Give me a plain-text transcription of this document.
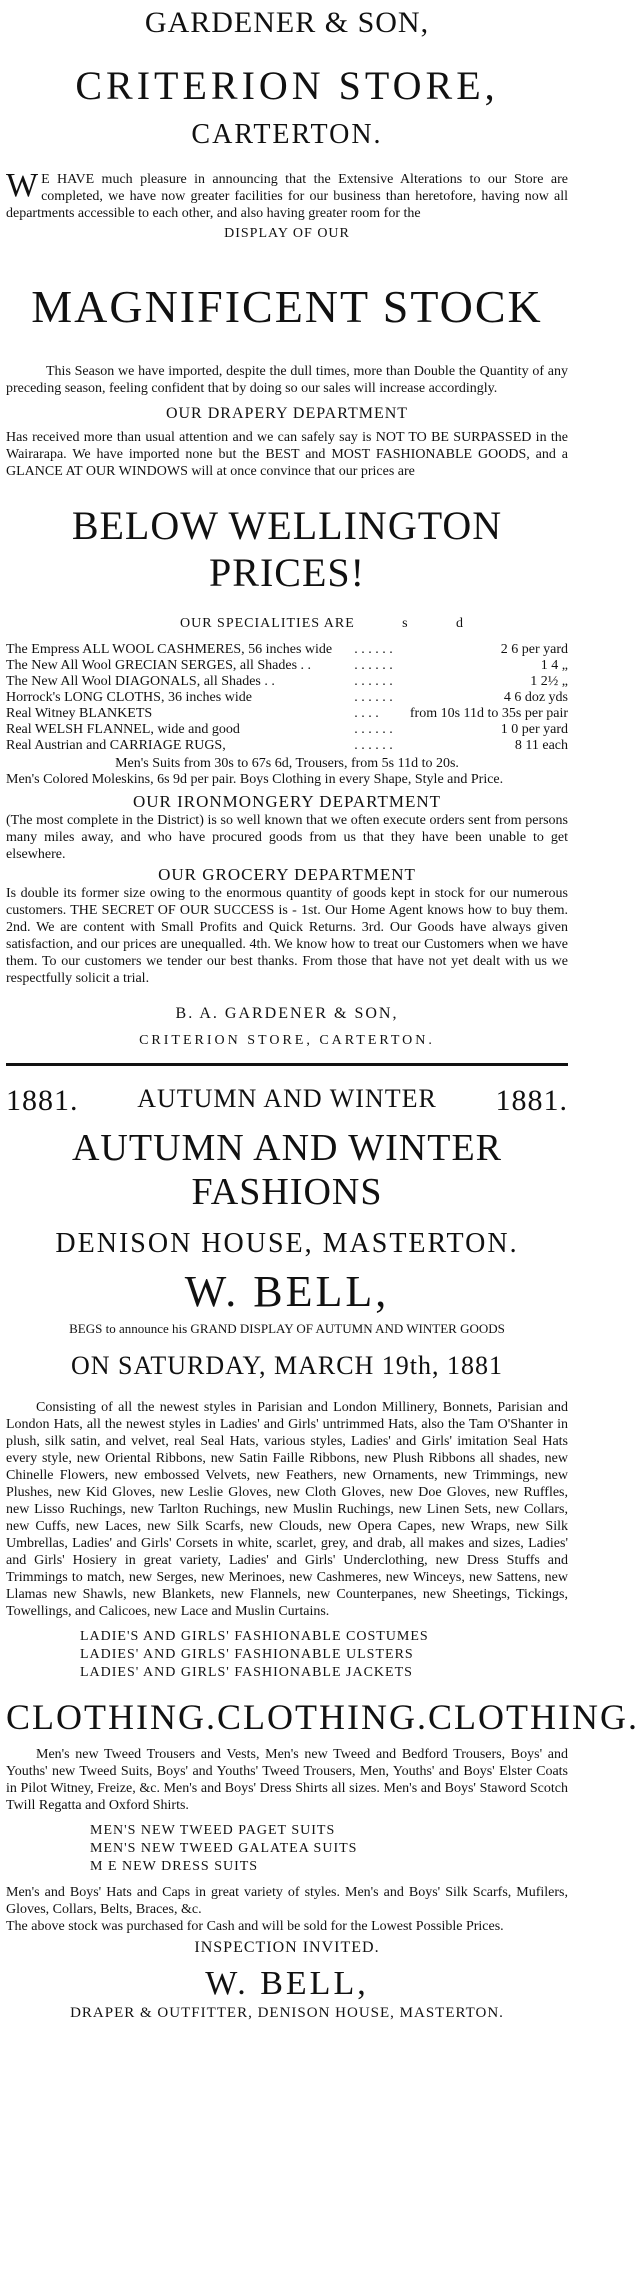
GARDENER & SON,
CRITERION STORE,
CARTERTON.
W E HAVE much pleasure in announcing that the Extensive Alterations to our Store are completed, we have now greater facilities for our business than heretofore, having now all departments accessible to each other, and also having greater room for the
DISPLAY OF OUR
MAGNIFICENT STOCK
This Season we have imported, despite the dull times, more than Double the Quantity of any preceding season, feeling confident that by doing so our sales will increase accordingly.
OUR DRAPERY DEPARTMENT
Has received more than usual attention and we can safely say is NOT TO BE SURPASSED in the Wairarapa. We have imported none but the BEST and MOST FASHIONABLE GOODS, and a GLANCE AT OUR WINDOWS will at once convince that our prices are
BELOW WELLINGTON PRICES!
OUR SPECIALITIES ARE	s	d
The Empress ALL WOOL CASHMERES, 56 inches wide	. . . . . .	2 6 per yard
The New All Wool GRECIAN SERGES, all Shades . .	. . . . . .	1 4 „
The New All Wool DIAGONALS, all Shades . .	. . . . . .	1 2½ „
Horrock's LONG CLOTHS, 36 inches wide	. . . . . .	4 6 doz yds
Real Witney BLANKETS	. . . .	from 10s 11d to 35s per pair
Real WELSH FLANNEL, wide and good	. . . . . .	1 0 per yard
Real Austrian and CARRIAGE RUGS,	. . . . . .	8 11 each
Men's Suits from 30s to 67s 6d, Trousers, from 5s 11d to 20s.
Men's Colored Moleskins, 6s 9d per pair. Boys Clothing in every Shape, Style and Price.
OUR IRONMONGERY DEPARTMENT
(The most complete in the District) is so well known that we often execute orders sent from persons many miles away, and who have procured goods from us that they have been unable to get elsewhere.
OUR GROCERY DEPARTMENT
Is double its former size owing to the enormous quantity of goods kept in stock for our numerous customers. THE SECRET OF OUR SUCCESS is - 1st. Our Home Agent knows how to buy them. 2nd. We are content with Small Profits and Quick Returns. 3rd. Our Goods have always given satisfaction, and our prices are unequalled. 4th. We know how to treat our Customers when we have them. To our customers we tender our best thanks. From those that have not yet dealt with us we respectfully solicit a trial.
B. A. GARDENER & SON,
CRITERION STORE, CARTERTON.
1881. AUTUMN AND WINTER 1881.
AUTUMN AND WINTER FASHIONS
DENISON HOUSE, MASTERTON.
W. BELL,
BEGS to announce his GRAND DISPLAY OF AUTUMN AND WINTER GOODS
ON SATURDAY, MARCH 19th, 1881
Consisting of all the newest styles in Parisian and London Millinery, Bonnets, Parisian and London Hats, all the newest styles in Ladies' and Girls' untrimmed Hats, also the Tam O'Shanter in plush, silk satin, and velvet, real Seal Hats, various styles, Ladies' and Girls' imitation Seal Hats every style, new Oriental Ribbons, new Satin Faille Ribbons, new Plush Ribbons all shades, new Chinelle Flowers, new embossed Velvets, new Feathers, new Ornaments, new Trimmings, new Plushes, new Kid Gloves, new Leslie Gloves, new Cloth Gloves, new Doe Gloves, new Ruffles, new Lisso Ruchings, new Tarlton Ruchings, new Muslin Ruchings, new Linen Sets, new Collars, new Cuffs, new Laces, new Silk Scarfs, new Clouds, new Opera Capes, new Wraps, new Silk Umbrellas, Ladies' and Girls' Corsets in white, scarlet, grey, and drab, all makes and sizes, Ladies' and Girls' Hosiery in great variety, Ladies' and Girls' Underclothing, new Dress Stuffs and Trimmings to match, new Serges, new Merinoes, new Cashmeres, new Winceys, new Sattens, new Llamas new Shawls, new Blankets, new Flannels, new Counterpanes, new Sheetings, Tickings, Towellings, and Calicoes, new Lace and Muslin Curtains.
LADIE'S AND GIRLS' FASHIONABLE COSTUMES
LADIES' AND GIRLS' FASHIONABLE ULSTERS
LADIES' AND GIRLS' FASHIONABLE JACKETS
CLOTHING. CLOTHING. CLOTHING.
Men's new Tweed Trousers and Vests, Men's new Tweed and Bedford Trousers, Boys' and Youths' new Tweed Suits, Boys' and Youths' Tweed Trousers, Men, Youths' and Boys' Elster Coats in Pilot Witney, Freize, &c. Men's and Boys' Dress Shirts all sizes. Men's and Boys' Staword Scotch Twill Regatta and Oxford Shirts.
MEN'S NEW TWEED PAGET SUITS
MEN'S NEW TWEED GALATEA SUITS
M E NEW DRESS SUITS
Men's and Boys' Hats and Caps in great variety of styles. Men's and Boys' Silk Scarfs, Mufilers, Gloves, Collars, Belts, Braces, &c.
The above stock was purchased for Cash and will be sold for the Lowest Possible Prices.
INSPECTION INVITED.
W. BELL,
DRAPER & OUTFITTER, DENISON HOUSE, MASTERTON.
